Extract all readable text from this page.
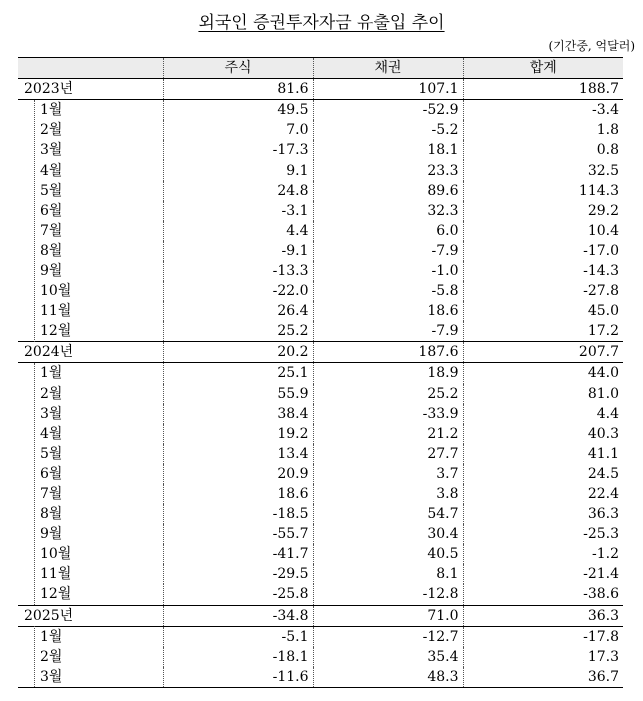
외국인 증권투자자금 유출입 추이
(기간중, 억달러)
	주식	채권	합계
2023년	81.6	107.1	188.7
1월	49.5	-52.9	-3.4
2월	7.0	-5.2	1.8
3월	-17.3	18.1	0.8
4월	9.1	23.3	32.5
5월	24.8	89.6	114.3
6월	-3.1	32.3	29.2
7월	4.4	6.0	10.4
8월	-9.1	-7.9	-17.0
9월	-13.3	-1.0	-14.3
10월	-22.0	-5.8	-27.8
11월	26.4	18.6	45.0
12월	25.2	-7.9	17.2
2024년	20.2	187.6	207.7
1월	25.1	18.9	44.0
2월	55.9	25.2	81.0
3월	38.4	-33.9	4.4
4월	19.2	21.2	40.3
5월	13.4	27.7	41.1
6월	20.9	3.7	24.5
7월	18.6	3.8	22.4
8월	-18.5	54.7	36.3
9월	-55.7	30.4	-25.3
10월	-41.7	40.5	-1.2
11월	-29.5	8.1	-21.4
12월	-25.8	-12.8	-38.6
2025년	-34.8	71.0	36.3
1월	-5.1	-12.7	-17.8
2월	-18.1	35.4	17.3
3월	-11.6	48.3	36.7
